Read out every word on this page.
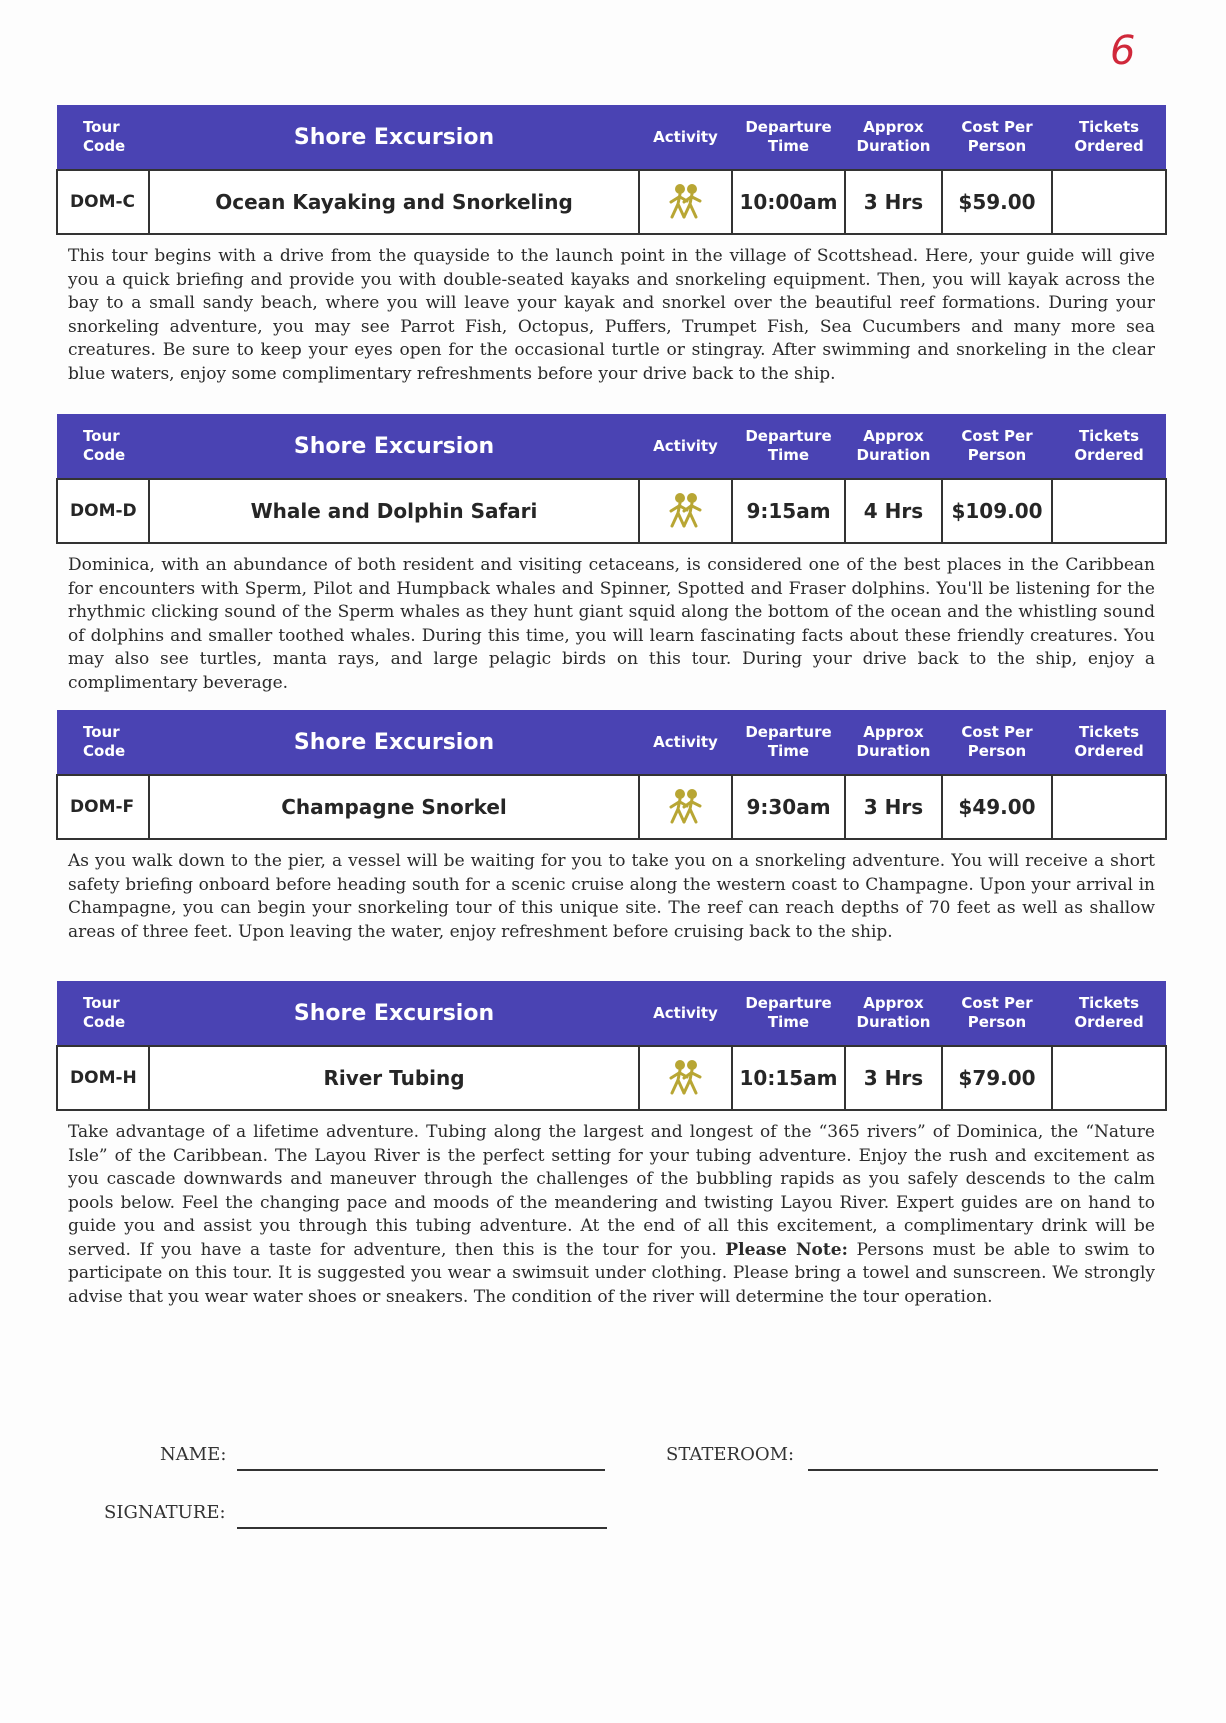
6
Tour Code	Shore Excursion	Activity	Departure Time	Approx Duration	Cost Per Person	Tickets Ordered
DOM-C	Ocean Kayaking and Snorkeling		10:00am	3 Hrs	$59.00	

This tour begins with a drive from the quayside to the launch point in the village of Scottshead. Here, your guide will give you a quick briefing and provide you with double-seated kayaks and snorkeling equipment. Then, you will kayak across the bay to a small sandy beach, where you will leave your kayak and snorkel over the beautiful reef formations. During your snorkeling adventure, you may see Parrot Fish, Octopus, Puffers, Trumpet Fish, Sea Cucumbers and many more sea creatures. Be sure to keep your eyes open for the occasional turtle or stingray. After swimming and snorkeling in the clear blue waters, enjoy some complimentary refreshments before your drive back to the ship.

Tour Code	Shore Excursion	Activity	Departure Time	Approx Duration	Cost Per Person	Tickets Ordered
DOM-D	Whale and Dolphin Safari		9:15am	4 Hrs	$109.00	

Dominica, with an abundance of both resident and visiting cetaceans, is considered one of the best places in the Caribbean for encounters with Sperm, Pilot and Humpback whales and Spinner, Spotted and Fraser dolphins. You'll be listening for the rhythmic clicking sound of the Sperm whales as they hunt giant squid along the bottom of the ocean and the whistling sound of dolphins and smaller toothed whales. During this time, you will learn fascinating facts about these friendly creatures. You may also see turtles, manta rays, and large pelagic birds on this tour. During your drive back to the ship, enjoy a complimentary beverage.

Tour Code	Shore Excursion	Activity	Departure Time	Approx Duration	Cost Per Person	Tickets Ordered
DOM-F	Champagne Snorkel		9:30am	3 Hrs	$49.00	

As you walk down to the pier, a vessel will be waiting for you to take you on a snorkeling adventure. You will receive a short safety briefing onboard before heading south for a scenic cruise along the western coast to Champagne. Upon your arrival in Champagne, you can begin your snorkeling tour of this unique site. The reef can reach depths of 70 feet as well as shallow areas of three feet. Upon leaving the water, enjoy refreshment before cruising back to the ship.

Tour Code	Shore Excursion	Activity	Departure Time	Approx Duration	Cost Per Person	Tickets Ordered
DOM-H	River Tubing		10:15am	3 Hrs	$79.00	

Take advantage of a lifetime adventure. Tubing along the largest and longest of the “365 rivers” of Dominica, the “Nature Isle” of the Caribbean. The Layou River is the perfect setting for your tubing adventure. Enjoy the rush and excitement as you cascade downwards and maneuver through the challenges of the bubbling rapids as you safely descends to the calm pools below. Feel the changing pace and moods of the meandering and twisting Layou River. Expert guides are on hand to guide you and assist you through this tubing adventure. At the end of all this excitement, a complimentary drink will be served. If you have a taste for adventure, then this is the tour for you. Please Note: Persons must be able to swim to participate on this tour. It is suggested you wear a swimsuit under clothing. Please bring a towel and sunscreen. We strongly advise that you wear water shoes or sneakers. The condition of the river will determine the tour operation.

NAME:	STATEROOM:
SIGNATURE:
